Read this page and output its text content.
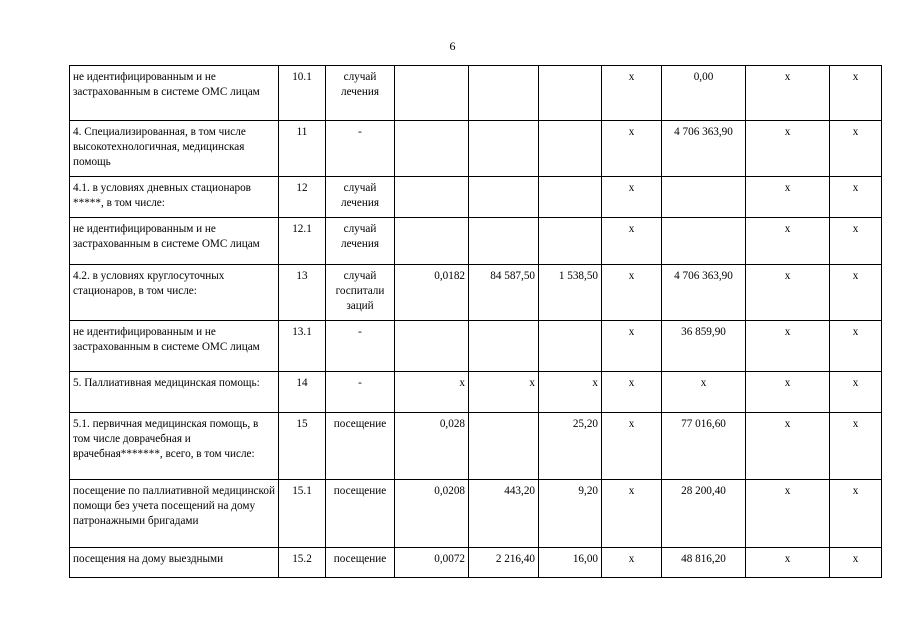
6
не идентифицированным и не застрахованным в системе ОМС лицам	10.1	случай лечения				х	0,00	х	х
4. Специализированная, в том числе высокотехнологичная, медицинская помощь	11	-				х	4 706 363,90	х	х
4.1. в условиях дневных стационаров *****, в том числе:	12	случай лечения				х		х	х
не идентифицированным и не застрахованным в системе ОМС лицам	12.1	случай лечения				х		х	х
4.2. в условиях круглосуточных стационаров, в том числе:	13	случай госпитали заций	0,0182	84 587,50	1 538,50	х	4 706 363,90	х	х
не идентифицированным и не застрахованным в системе ОМС лицам	13.1	-				х	36 859,90	х	х
5. Паллиативная медицинская помощь:	14	-	х	х	х	х	х	х	х
5.1. первичная медицинская помощь, в том числе доврачебная и врачебная*******, всего, в том числе:	15	посещение	0,028		25,20	х	77 016,60	х	х
посещение по паллиативной медицинской помощи без учета посещений на дому патронажными бригадами	15.1	посещение	0,0208	443,20	9,20	х	28 200,40	х	х
посещения на дому выездными	15.2	посещение	0,0072	2 216,40	16,00	х	48 816,20	х	х
